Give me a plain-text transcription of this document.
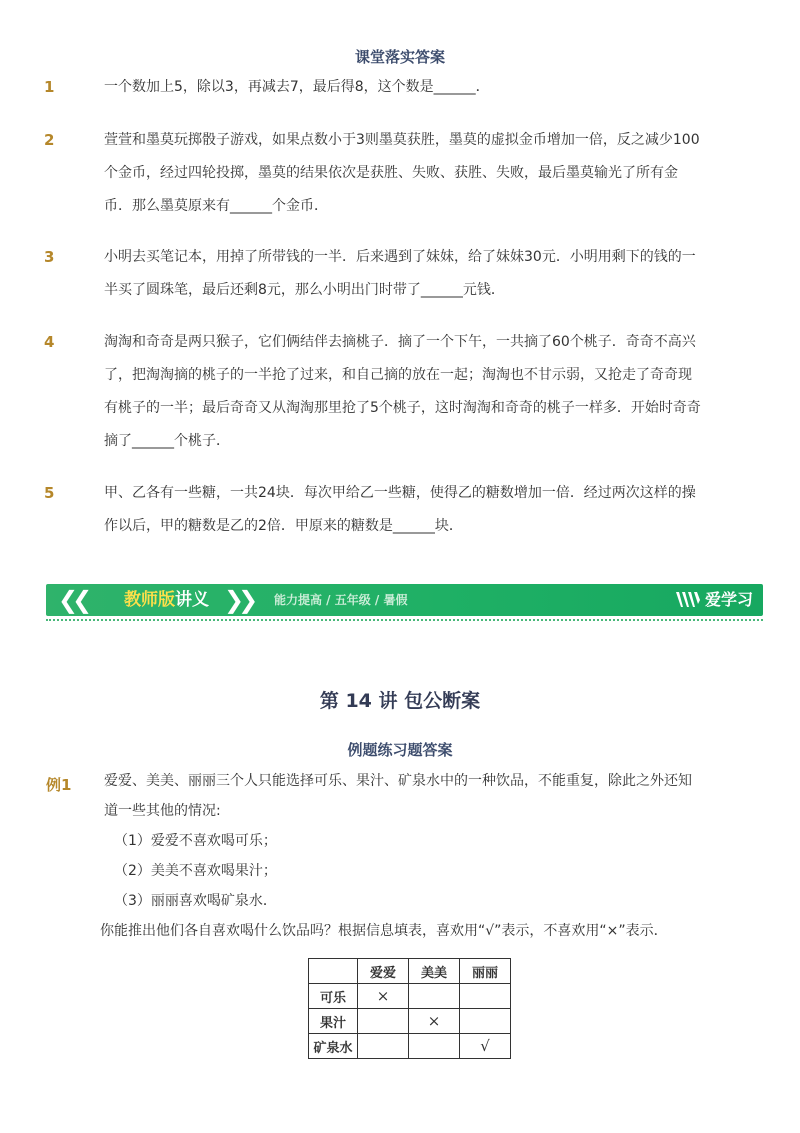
课堂落实答案
1	一个数加上5，除以3，再减去7，最后得8，这个数是______．

2	萱萱和墨莫玩掷骰子游戏，如果点数小于3则墨莫获胜，墨莫的虚拟金币增加一倍，反之减少100

个金币，经过四轮投掷，墨莫的结果依次是获胜、失败、获胜、失败，最后墨莫输光了所有金

币．那么墨莫原来有______个金币．

3	小明去买笔记本，用掉了所带钱的一半．后来遇到了妹妹，给了妹妹30元．小明用剩下的钱的一

半买了圆珠笔，最后还剩8元，那么小明出门时带了______元钱．

4	淘淘和奇奇是两只猴子，它们俩结伴去摘桃子．摘了一个下午，一共摘了60个桃子．奇奇不高兴

了，把淘淘摘的桃子的一半抢了过来，和自己摘的放在一起；淘淘也不甘示弱，又抢走了奇奇现

有桃子的一半；最后奇奇又从淘淘那里抢了5个桃子，这时淘淘和奇奇的桃子一样多．开始时奇奇

摘了______个桃子．

5	甲、乙各有一些糖，一共24块．每次甲给乙一些糖，使得乙的糖数增加一倍．经过两次这样的操

作以后，甲的糖数是乙的2倍．甲原来的糖数是______块．

❮❮ 教师版讲义 ❯❯ 能力提高 / 五年级 / 暑假	爱学习
第 14 讲 包公断案
例题练习题答案
例1 爱爱、美美、丽丽三个人只能选择可乐、果汁、矿泉水中的一种饮品，不能重复，除此之外还知

道一些其他的情况:

（1）爱爱不喜欢喝可乐；

（2）美美不喜欢喝果汁；

（3）丽丽喜欢喝矿泉水．

你能推出他们各自喜欢喝什么饮品吗？根据信息填表，喜欢用“√”表示，不喜欢用“×”表示．

	爱爱	美美	丽丽
可乐	×		
果汁		×	
矿泉水			√
